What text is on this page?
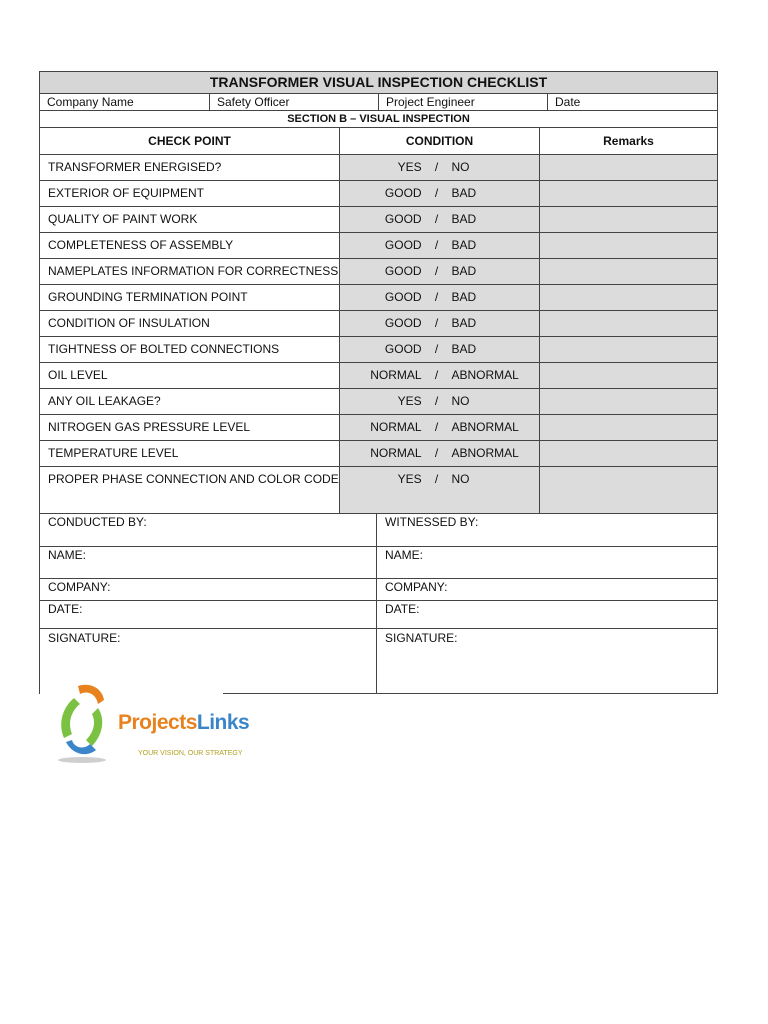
TRANSFORMER VISUAL INSPECTION CHECKLIST
Company Name	Safety Officer	Project Engineer	Date
SECTION B – VISUAL INSPECTION
CHECK POINT	CONDITION	Remarks
TRANSFORMER ENERGISED?	YES	/	NO
EXTERIOR OF EQUIPMENT	GOOD	/	BAD
QUALITY OF PAINT WORK	GOOD	/	BAD
COMPLETENESS OF ASSEMBLY	GOOD	/	BAD
NAMEPLATES INFORMATION FOR CORRECTNESS	GOOD	/	BAD
GROUNDING TERMINATION POINT	GOOD	/	BAD
CONDITION OF INSULATION	GOOD	/	BAD
TIGHTNESS OF BOLTED CONNECTIONS	GOOD	/	BAD
OIL LEVEL	NORMAL	/	ABNORMAL
ANY OIL LEAKAGE?	YES	/	NO
NITROGEN GAS PRESSURE LEVEL	NORMAL	/	ABNORMAL
TEMPERATURE LEVEL	NORMAL	/	ABNORMAL
PROPER PHASE CONNECTION AND COLOR CODE	YES	/	NO
CONDUCTED BY:	WITNESSED BY:
NAME:	NAME:
COMPANY:	COMPANY:
DATE:	DATE:
SIGNATURE:	SIGNATURE:
ProjectsLinks
YOUR VISION, OUR STRATEGY
